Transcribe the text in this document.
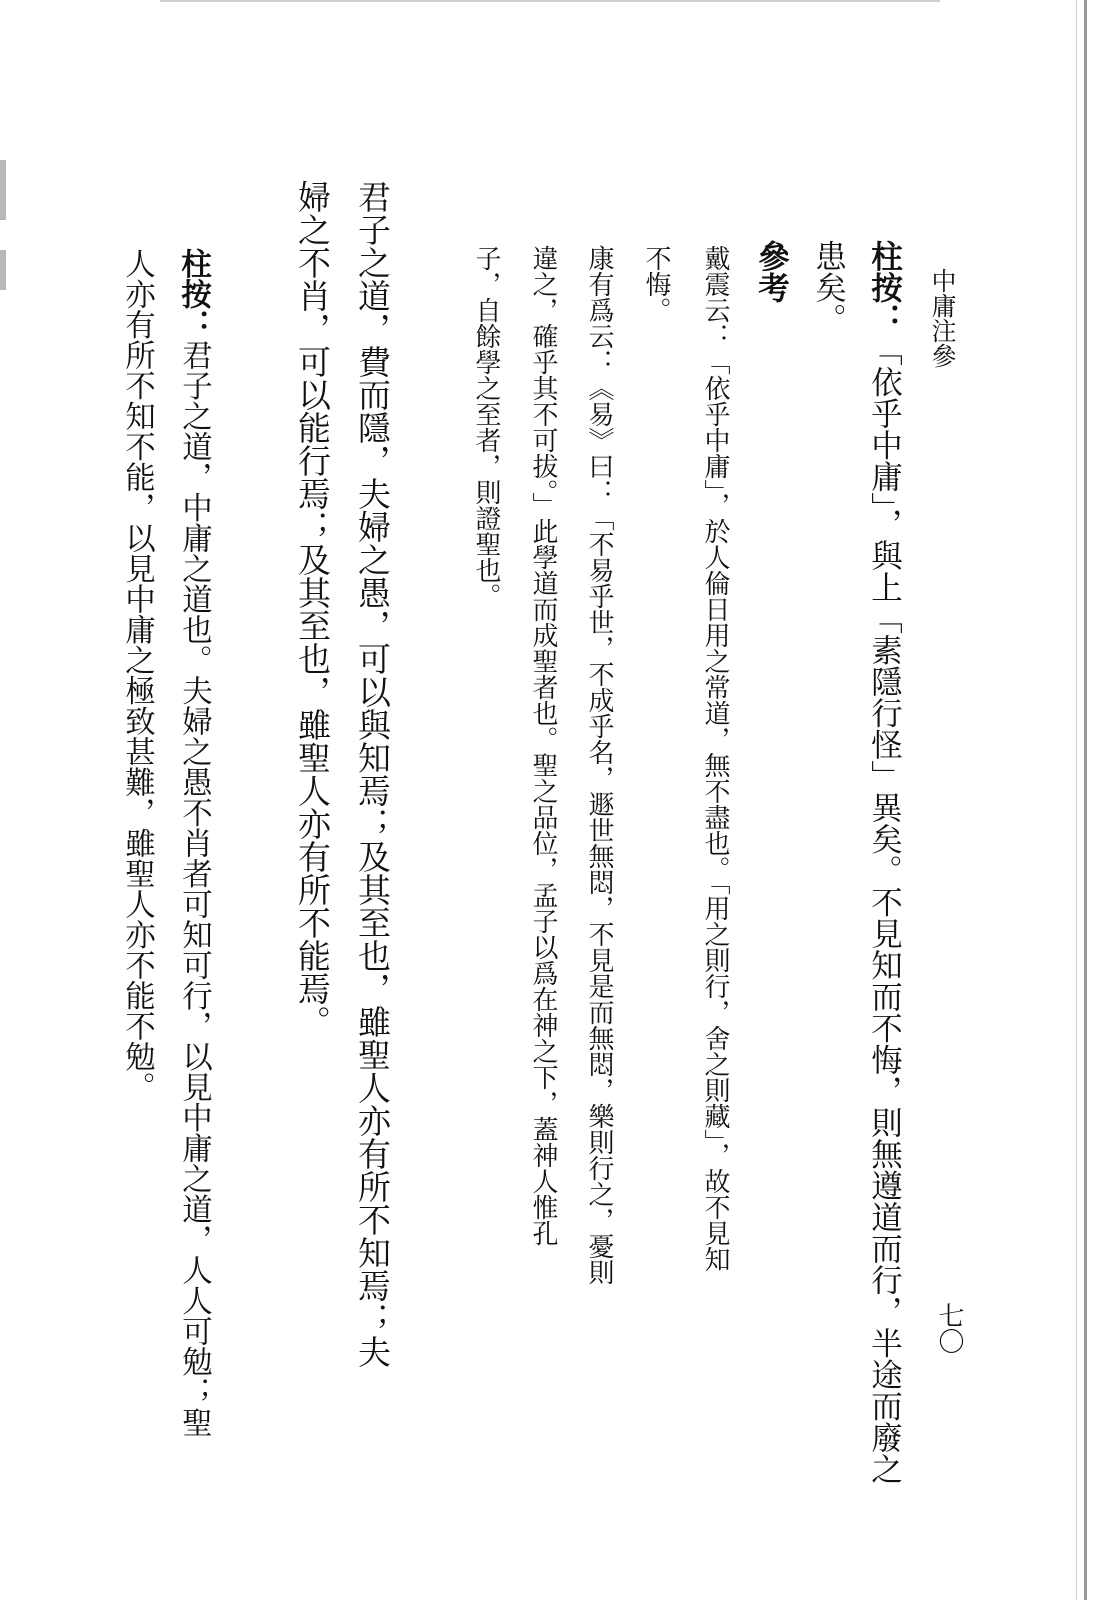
中庸注參
七〇
柱按：「依乎中庸」，與上「素隱行怪」異矣。不見知而不悔，則無遵道而行，半途而廢之
患矣。
參考
戴震云：「依乎中庸」，於人倫日用之常道，無不盡也。「用之則行，舍之則藏」，故不見知
不悔。
康有爲云：《易》曰：「不易乎世，不成乎名，遯世無悶，不見是而無悶，樂則行之，憂則
違之，確乎其不可拔。」此學道而成聖者也。聖之品位，孟子以爲在神之下，蓋神人惟孔
子，自餘學之至者，則證聖也。
君子之道，費而隱，夫婦之愚，可以與知焉；及其至也，雖聖人亦有所不知焉；夫
婦之不肖，可以能行焉；及其至也，雖聖人亦有所不能焉。
柱按：君子之道，中庸之道也。夫婦之愚不肖者可知可行，以見中庸之道，人人可勉；聖
人亦有所不知不能，以見中庸之極致甚難，雖聖人亦不能不勉。
